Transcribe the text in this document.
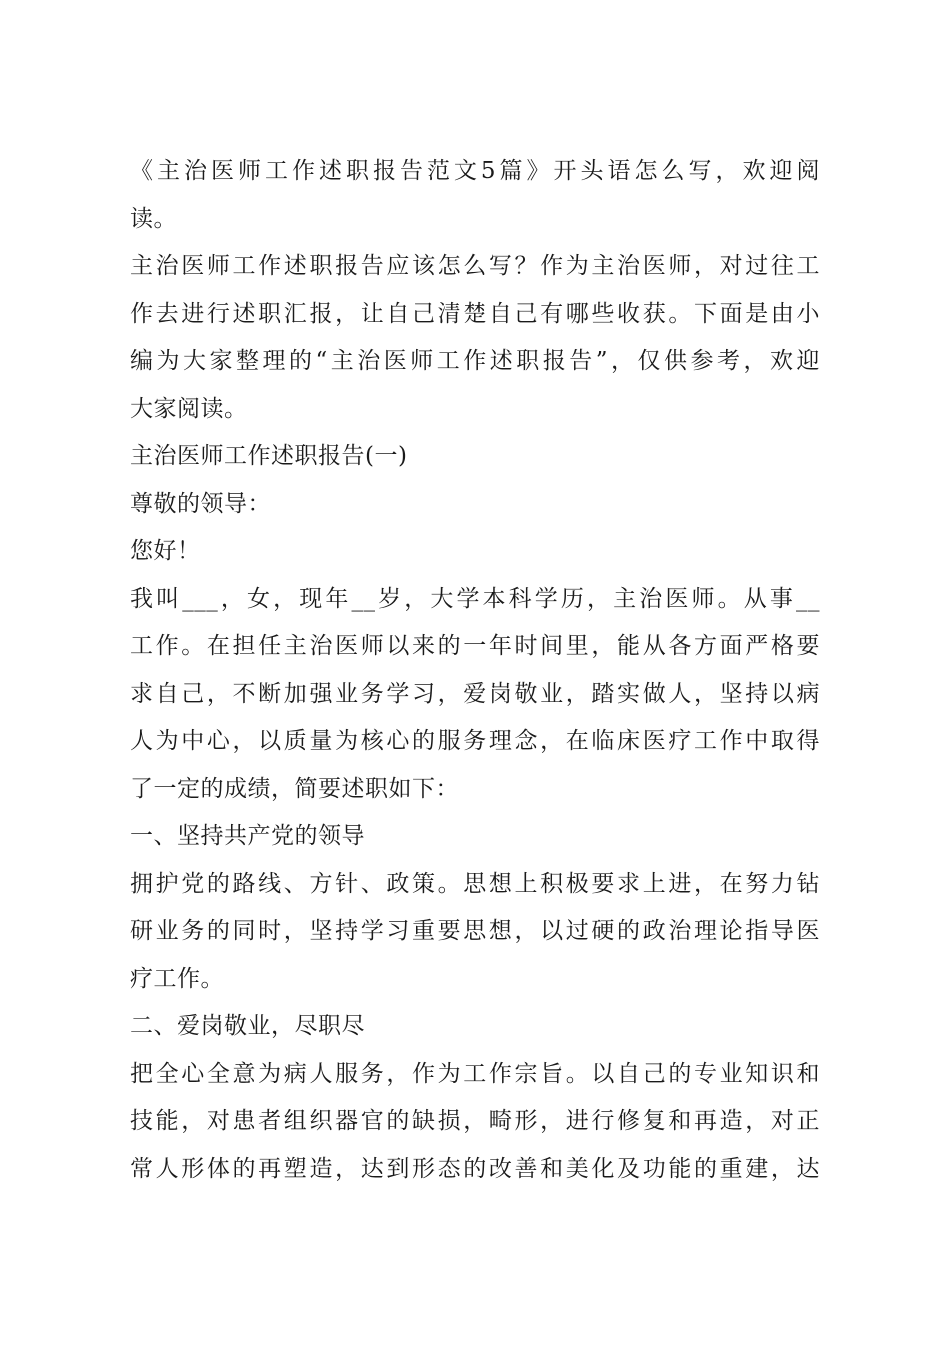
《主治医师工作述职报告范文5篇》开头语怎么写，欢迎阅
读。
主治医师工作述职报告应该怎么写？作为主治医师，对过往工
作去进行述职汇报，让自己清楚自己有哪些收获。下面是由小
编为大家整理的“主治医师工作述职报告”，仅供参考，欢迎
大家阅读。
主治医师工作述职报告(一)
尊敬的领导：
您好！
我叫___，女，现年__岁，大学本科学历，主治医师。从事__
工作。在担任主治医师以来的一年时间里，能从各方面严格要
求自己，不断加强业务学习，爱岗敬业，踏实做人，坚持以病
人为中心，以质量为核心的服务理念，在临床医疗工作中取得
了一定的成绩，简要述职如下：
一、坚持共产党的领导
拥护党的路线、方针、政策。思想上积极要求上进，在努力钻
研业务的同时，坚持学习重要思想，以过硬的政治理论指导医
疗工作。
二、爱岗敬业，尽职尽
把全心全意为病人服务，作为工作宗旨。以自己的专业知识和
技能，对患者组织器官的缺损，畸形，进行修复和再造，对正
常人形体的再塑造，达到形态的改善和美化及功能的重建，达
